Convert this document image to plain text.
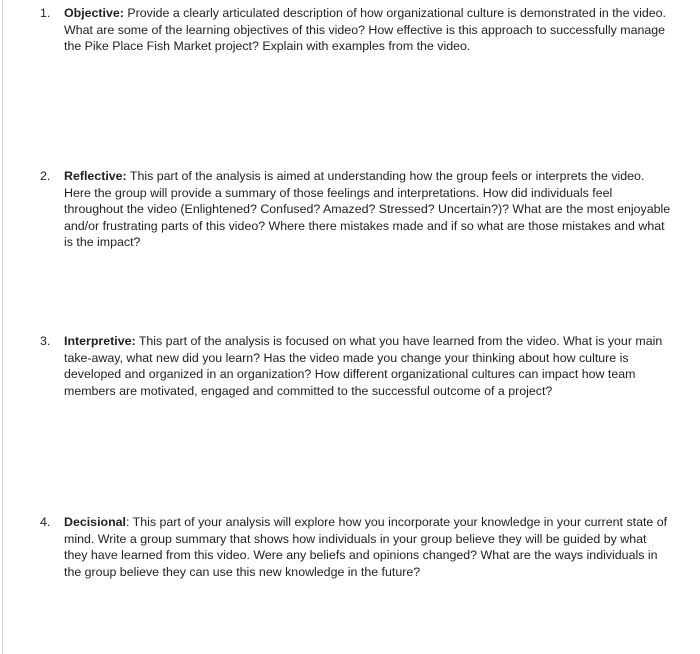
1.	Objective: Provide a clearly articulated description of how organizational culture is demonstrated in the video. What are some of the learning objectives of this video? How effective is this approach to successfully manage the Pike Place Fish Market project? Explain with examples from the video.
2.	Reflective: This part of the analysis is aimed at understanding how the group feels or interprets the video. Here the group will provide a summary of those feelings and interpretations. How did individuals feel throughout the video (Enlightened? Confused? Amazed? Stressed? Uncertain?)? What are the most enjoyable and/or frustrating parts of this video? Where there mistakes made and if so what are those mistakes and what is the impact?
3.	Interpretive: This part of the analysis is focused on what you have learned from the video. What is your main take-away, what new did you learn? Has the video made you change your thinking about how culture is developed and organized in an organization? How different organizational cultures can impact how team members are motivated, engaged and committed to the successful outcome of a project?
4.	Decisional: This part of your analysis will explore how you incorporate your knowledge in your current state of mind. Write a group summary that shows how individuals in your group believe they will be guided by what they have learned from this video. Were any beliefs and opinions changed? What are the ways individuals in the group believe they can use this new knowledge in the future?
